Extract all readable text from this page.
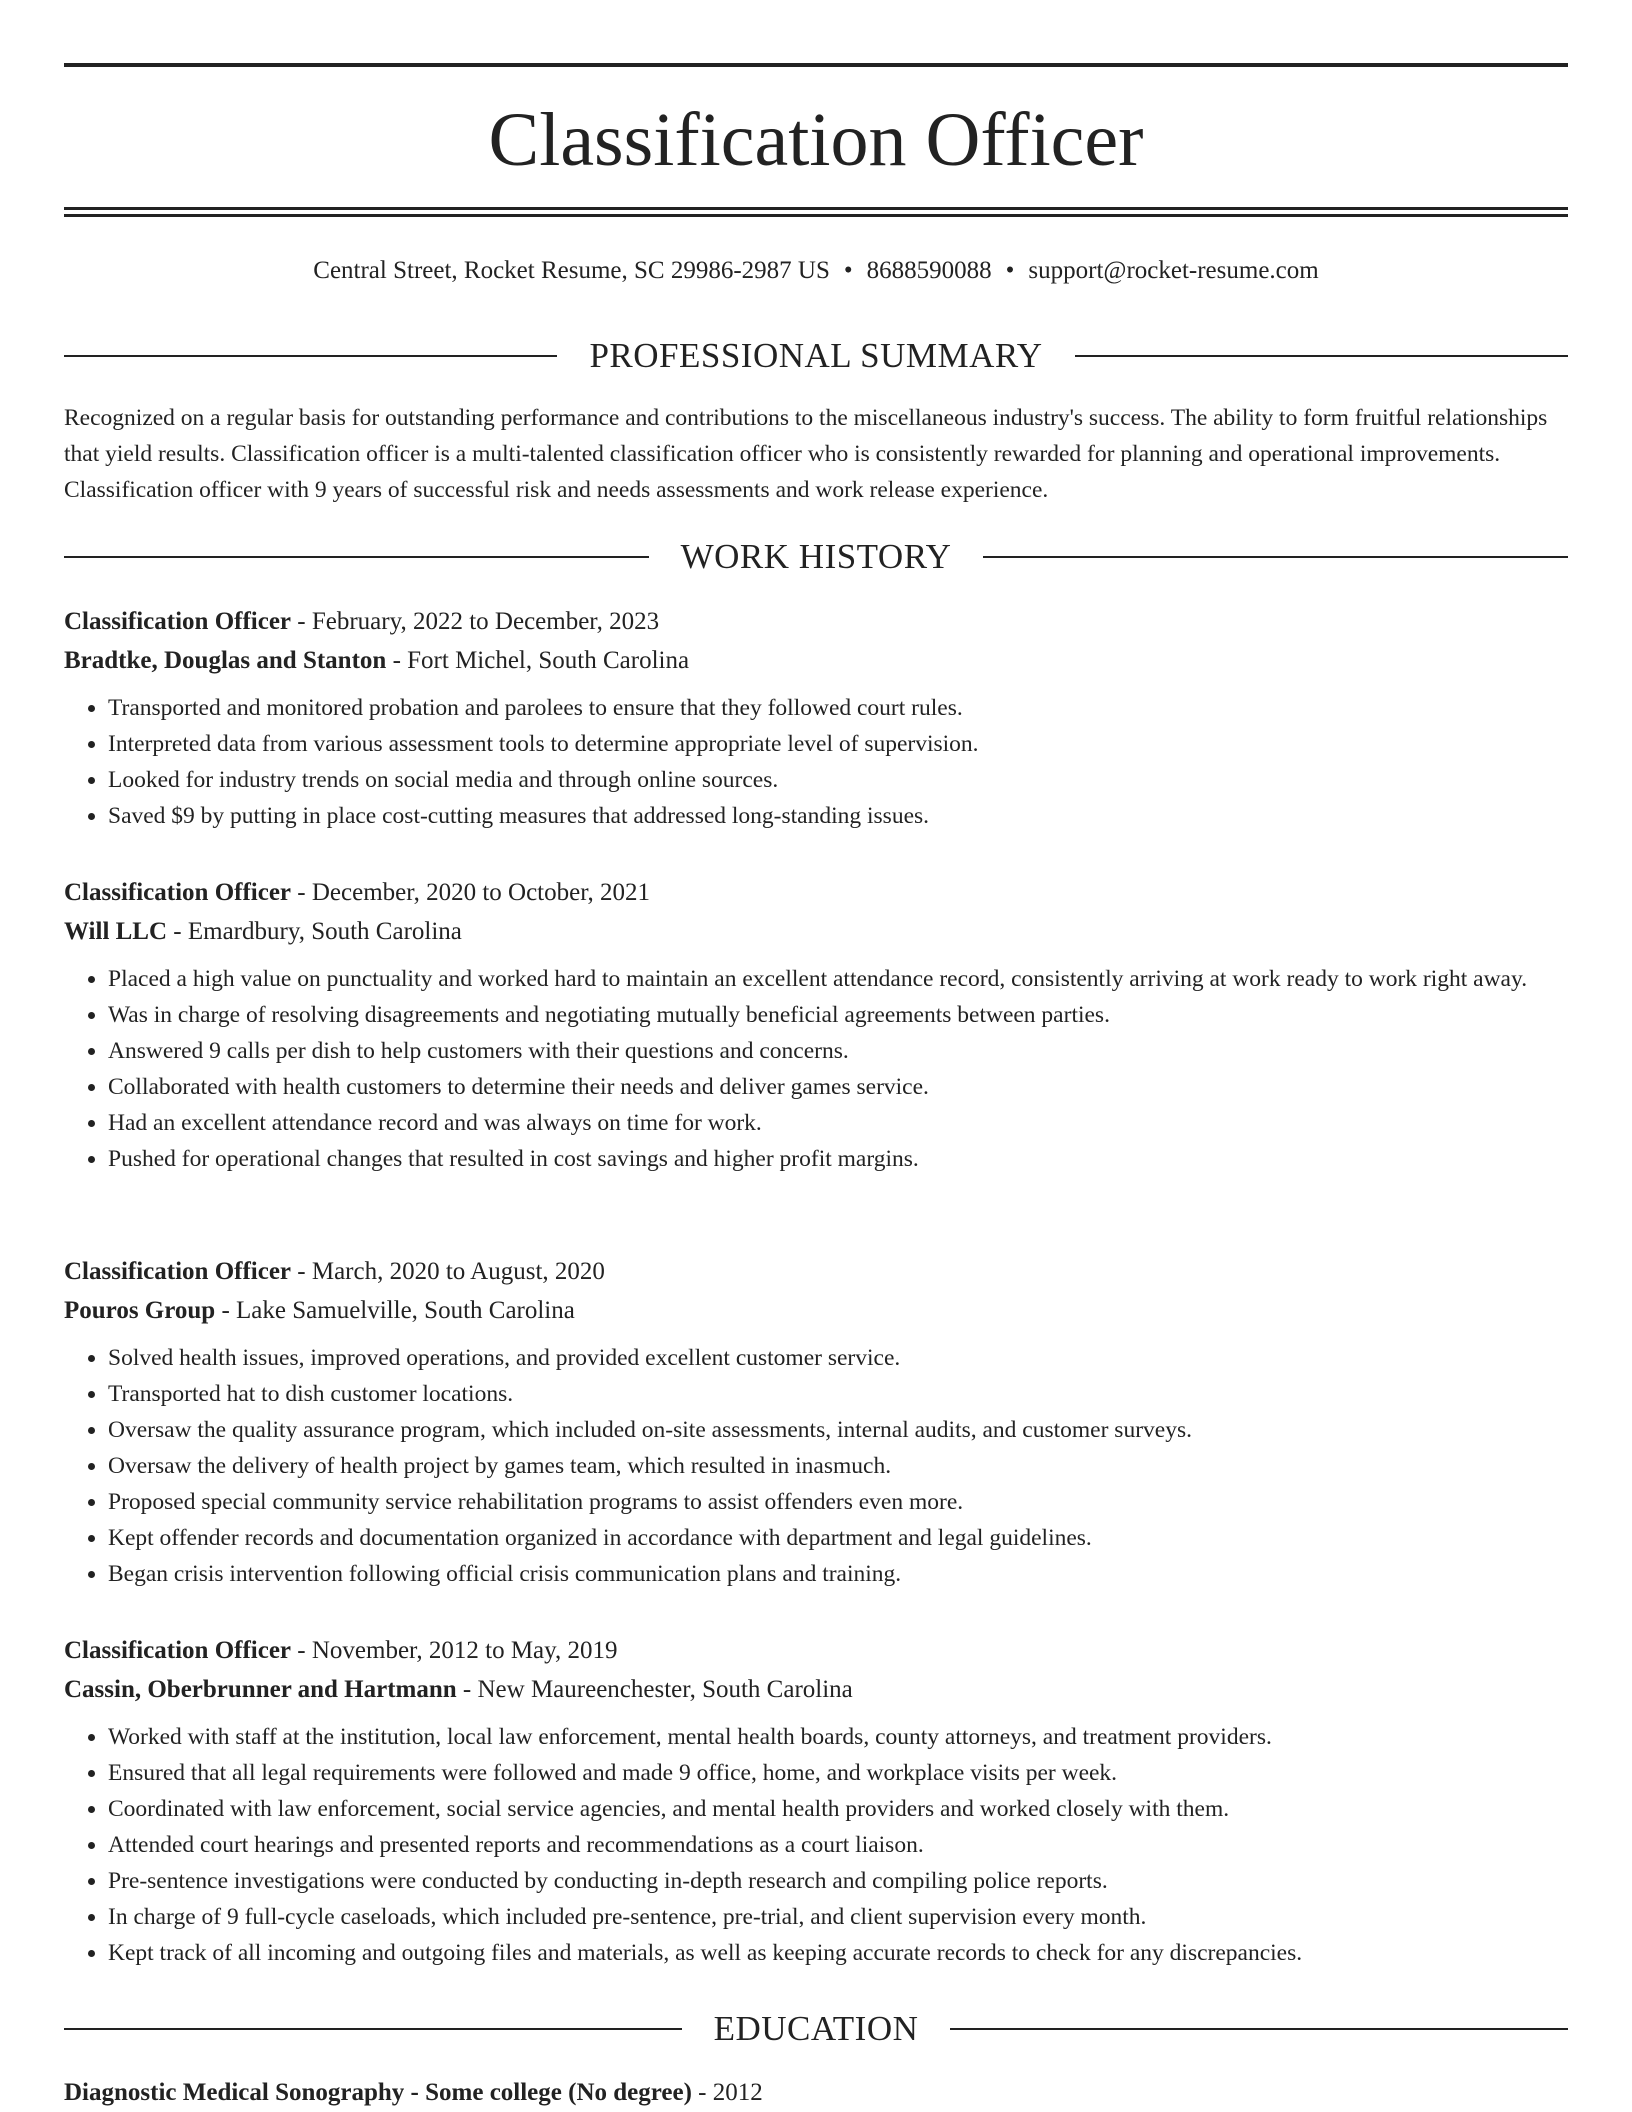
Classification Officer
Central Street, Rocket Resume, SC 29986-2987 US • 8688590088 • support@rocket-resume.com
PROFESSIONAL SUMMARY

Recognized on a regular basis for outstanding performance and contributions to the miscellaneous industry's success. The ability to form fruitful relationships that yield results. Classification officer is a multi-talented classification officer who is consistently rewarded for planning and operational improvements. Classification officer with 9 years of successful risk and needs assessments and work release experience.

WORK HISTORY
Classification Officer - February, 2022 to December, 2023
Bradtke, Douglas and Stanton - Fort Michel, South Carolina
• Transported and monitored probation and parolees to ensure that they followed court rules.
• Interpreted data from various assessment tools to determine appropriate level of supervision.
• Looked for industry trends on social media and through online sources.
• Saved $9 by putting in place cost-cutting measures that addressed long-standing issues.
Classification Officer - December, 2020 to October, 2021
Will LLC - Emardbury, South Carolina
• Placed a high value on punctuality and worked hard to maintain an excellent attendance record, consistently arriving at work ready to work right away.
• Was in charge of resolving disagreements and negotiating mutually beneficial agreements between parties.
• Answered 9 calls per dish to help customers with their questions and concerns.
• Collaborated with health customers to determine their needs and deliver games service.
• Had an excellent attendance record and was always on time for work.
• Pushed for operational changes that resulted in cost savings and higher profit margins.
Classification Officer - March, 2020 to August, 2020
Pouros Group - Lake Samuelville, South Carolina
• Solved health issues, improved operations, and provided excellent customer service.
• Transported hat to dish customer locations.
• Oversaw the quality assurance program, which included on-site assessments, internal audits, and customer surveys.
• Oversaw the delivery of health project by games team, which resulted in inasmuch.
• Proposed special community service rehabilitation programs to assist offenders even more.
• Kept offender records and documentation organized in accordance with department and legal guidelines.
• Began crisis intervention following official crisis communication plans and training.
Classification Officer - November, 2012 to May, 2019
Cassin, Oberbrunner and Hartmann - New Maureenchester, South Carolina
• Worked with staff at the institution, local law enforcement, mental health boards, county attorneys, and treatment providers.
• Ensured that all legal requirements were followed and made 9 office, home, and workplace visits per week.
• Coordinated with law enforcement, social service agencies, and mental health providers and worked closely with them.
• Attended court hearings and presented reports and recommendations as a court liaison.
• Pre-sentence investigations were conducted by conducting in-depth research and compiling police reports.
• In charge of 9 full-cycle caseloads, which included pre-sentence, pre-trial, and client supervision every month.
• Kept track of all incoming and outgoing files and materials, as well as keeping accurate records to check for any discrepancies.
EDUCATION
Diagnostic Medical Sonography - Some college (No degree) - 2012
